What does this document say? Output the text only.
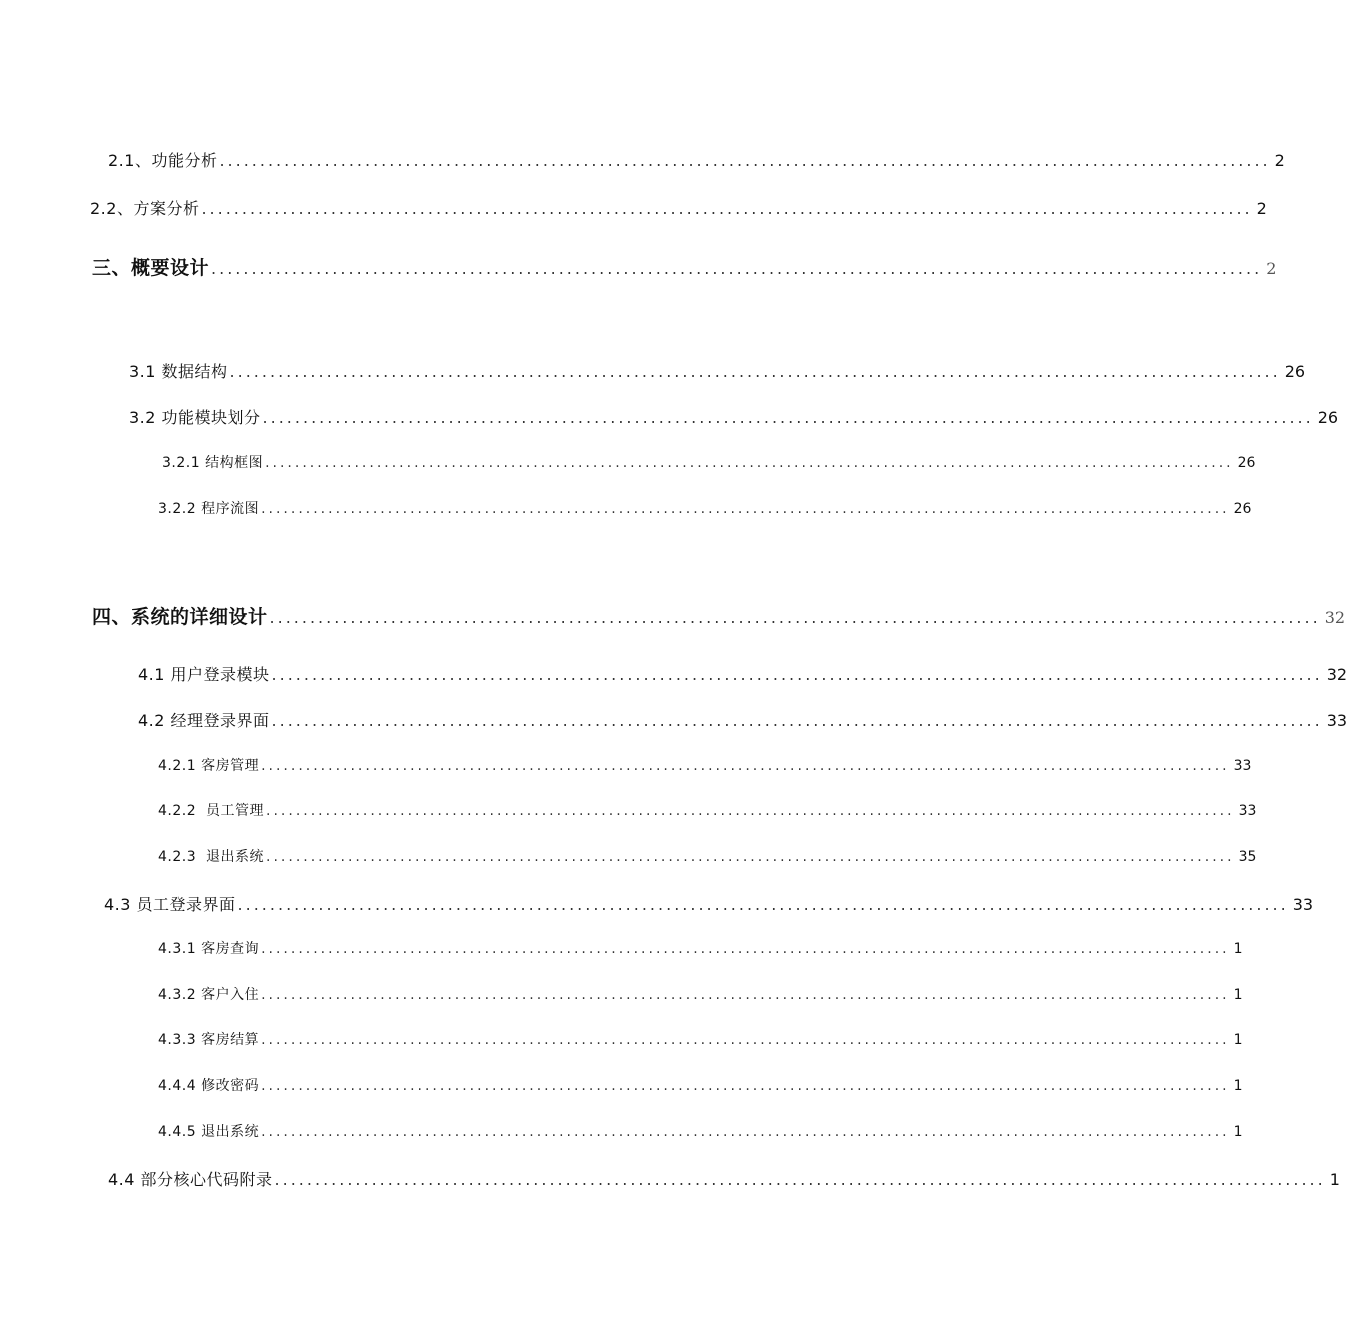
2.1、功能分析 .................................................................................................................................. 2
2.2、方案分析 .................................................................................................................................. 2
三、概要设计 .................................................................................................................................. 2
3.1 数据结构 .................................................................................................................................. 26
3.2 功能模块划分 .................................................................................................................................. 26
3.2.1 结构框图 .................................................................................................................................. 26
3.2.2 程序流图 .................................................................................................................................. 26
四、系统的详细设计 .................................................................................................................................. 32
4.1 用户登录模块 .................................................................................................................................. 32
4.2 经理登录界面 .................................................................................................................................. 33
4.2.1 客房管理 .................................................................................................................................. 33
4.2.2  员工管理 .................................................................................................................................. 33
4.2.3  退出系统 .................................................................................................................................. 35
4.3 员工登录界面 .................................................................................................................................. 33
4.3.1 客房查询 .................................................................................................................................. 1
4.3.2 客户入住 .................................................................................................................................. 1
4.3.3 客房结算 .................................................................................................................................. 1
4.4.4 修改密码 .................................................................................................................................. 1
4.4.5 退出系统 .................................................................................................................................. 1
4.4 部分核心代码附录 .................................................................................................................................. 1
